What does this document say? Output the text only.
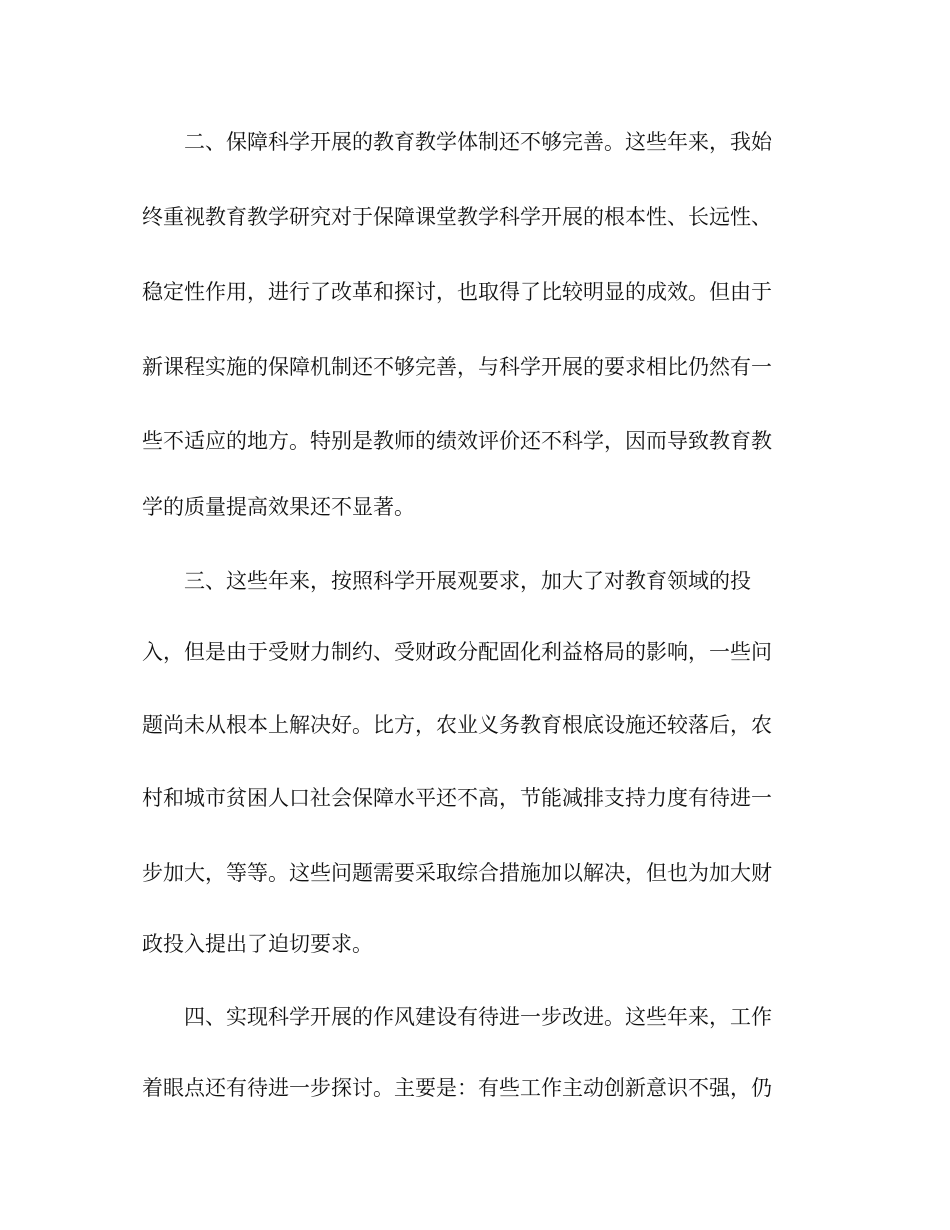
二、保障科学开展的教育教学体制还不够完善。这些年来，我始
终重视教育教学研究对于保障课堂教学科学开展的根本性、长远性、
稳定性作用，进行了改革和探讨，也取得了比较明显的成效。但由于
新课程实施的保障机制还不够完善，与科学开展的要求相比仍然有一
些不适应的地方。特别是教师的绩效评价还不科学，因而导致教育教
学的质量提高效果还不显著。
三、这些年来，按照科学开展观要求，加大了对教育领域的投
入，但是由于受财力制约、受财政分配固化利益格局的影响，一些问
题尚未从根本上解决好。比方，农业义务教育根底设施还较落后，农
村和城市贫困人口社会保障水平还不高，节能减排支持力度有待进一
步加大，等等。这些问题需要采取综合措施加以解决，但也为加大财
政投入提出了迫切要求。
四、实现科学开展的作风建设有待进一步改进。这些年来，工作
着眼点还有待进一步探讨。主要是：有些工作主动创新意识不强，仍
